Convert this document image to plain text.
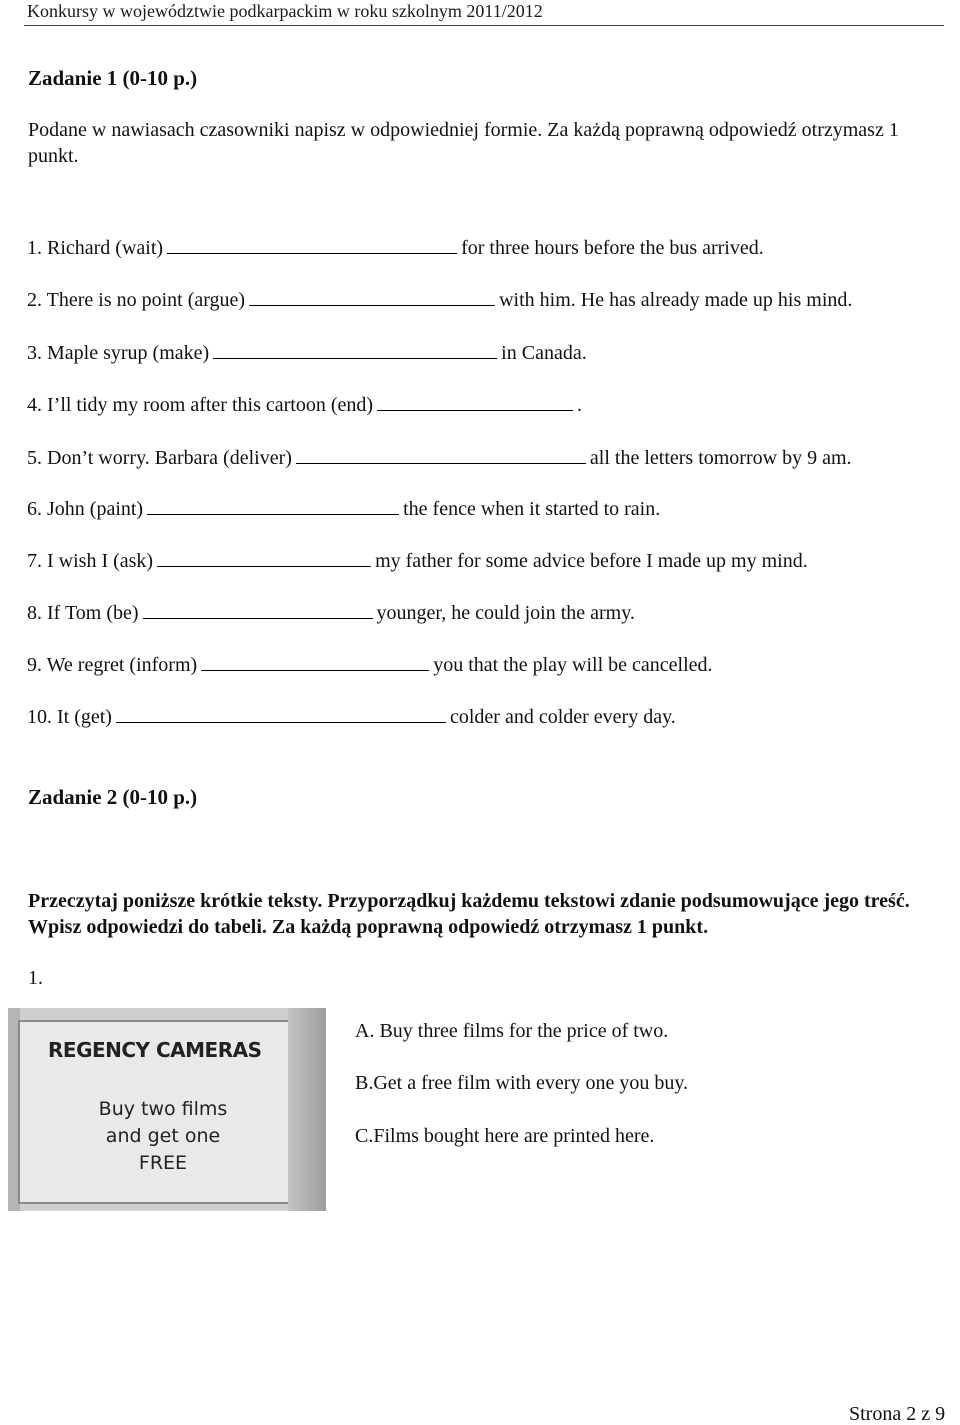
Konkursy w województwie podkarpackim w roku szkolnym 2011/2012
Zadanie 1 (0-10 p.)
Podane w nawiasach czasowniki napisz w odpowiedniej formie. Za każdą poprawną odpowiedź otrzymasz 1 punkt.
1. Richard (wait)	for three hours before the bus arrived.
2. There is no point (argue)	with him. He has already made up his mind.
3. Maple syrup (make)	in Canada.
4. I’ll tidy my room after this cartoon (end)	.
5. Don’t worry. Barbara (deliver)	all the letters tomorrow by 9 am.
6. John (paint)	the fence when it started to rain.
7. I wish I (ask)	my father for some advice before I made up my mind.
8. If Tom (be)	younger, he could join the army.
9. We regret (inform)	you that the play will be cancelled.
10. It (get)	colder and colder every day.
Zadanie 2 (0-10 p.)
Przeczytaj poniższe krótkie teksty. Przyporządkuj każdemu tekstowi zdanie podsumowujące jego treść. Wpisz odpowiedzi do tabeli. Za każdą poprawną odpowiedź otrzymasz 1 punkt.
1.
REGENCY CAMERAS
Buy two films
and get one
FREE
A. Buy three films for the price of two.
B.Get a free film with every one you buy.
C.Films bought here are printed here.
Strona 2 z 9
